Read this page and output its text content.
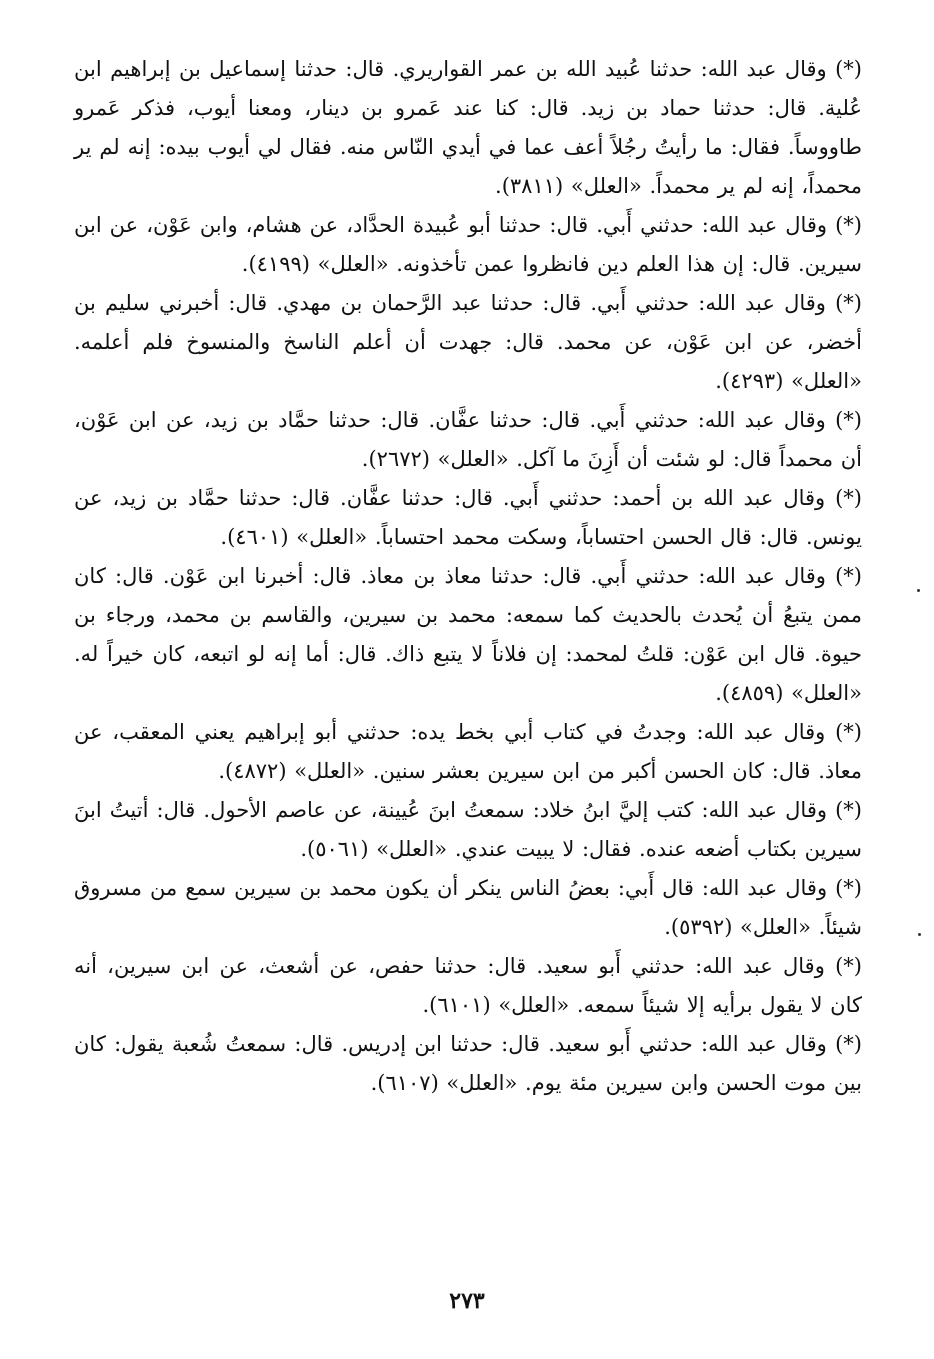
(*) وقال عبد الله: حدثنا عُبيد الله بن عمر القواريري. قال: حدثنا إسماعيل بن إبراهيم ابن عُلية. قال: حدثنا حماد بن زيد. قال: كنا عند عَمرو بن دينار، ومعنا أيوب، فذكر عَمرو طاووساً. فقال: ما رأيتُ رجُلاً أعف عما في أيدي النّاس منه. فقال لي أيوب بيده: إنه لم ير محمداً، إنه لم ير محمداً. «العلل» (٣٨١١).

(*) وقال عبد الله: حدثني أَبي. قال: حدثنا أبو عُبيدة الحدَّاد، عن هشام، وابن عَوْن، عن ابن سيرين. قال: إن هذا العلم دين فانظروا عمن تأخذونه. «العلل» (٤١٩٩).

(*) وقال عبد الله: حدثني أَبي. قال: حدثنا عبد الرَّحمان بن مهدي. قال: أخبرني سليم بن أخضر، عن ابن عَوْن، عن محمد. قال: جهدت أن أعلم الناسخ والمنسوخ فلم أعلمه. «العلل» (٤٢٩٣).

(*) وقال عبد الله: حدثني أَبي. قال: حدثنا عفَّان. قال: حدثنا حمَّاد بن زيد، عن ابن عَوْن، أن محمداً قال: لو شئت أن أَزِنَ ما آكل. «العلل» (٢٦٧٢).

(*) وقال عبد الله بن أحمد: حدثني أَبي. قال: حدثنا عفَّان. قال: حدثنا حمَّاد بن زيد، عن يونس. قال: قال الحسن احتساباً، وسكت محمد احتساباً. «العلل» (٤٦٠١).

(*) وقال عبد الله: حدثني أَبي. قال: حدثنا معاذ بن معاذ. قال: أخبرنا ابن عَوْن. قال: كان ممن يتبعُ أن يُحدث بالحديث كما سمعه: محمد بن سيرين، والقاسم بن محمد، ورجاء بن حيوة. قال ابن عَوْن: قلتُ لمحمد: إن فلاناً لا يتبع ذاك. قال: أما إنه لو اتبعه، كان خيراً له. «العلل» (٤٨٥٩).

(*) وقال عبد الله: وجدتُ في كتاب أبي بخط يده: حدثني أبو إبراهيم يعني المعقب، عن معاذ. قال: كان الحسن أكبر من ابن سيرين بعشر سنين. «العلل» (٤٨٧٢).

(*) وقال عبد الله: كتب إليَّ ابنُ خلاد: سمعتُ ابنَ عُيينة، عن عاصم الأحول. قال: أتيتُ ابنَ سيرين بكتاب أضعه عنده. فقال: لا يبيت عندي. «العلل» (٥٠٦١).

(*) وقال عبد الله: قال أَبي: بعضُ الناس ينكر أن يكون محمد بن سيرين سمع من مسروق شيئاً. «العلل» (٥٣٩٢).

(*) وقال عبد الله: حدثني أَبو سعيد. قال: حدثنا حفص، عن أشعث، عن ابن سيرين، أنه كان لا يقول برأيه إلا شيئاً سمعه. «العلل» (٦١٠١).

(*) وقال عبد الله: حدثني أَبو سعيد. قال: حدثنا ابن إدريس. قال: سمعتُ شُعبة يقول: كان بين موت الحسن وابن سيرين مئة يوم. «العلل» (٦١٠٧).

٢٧٣
